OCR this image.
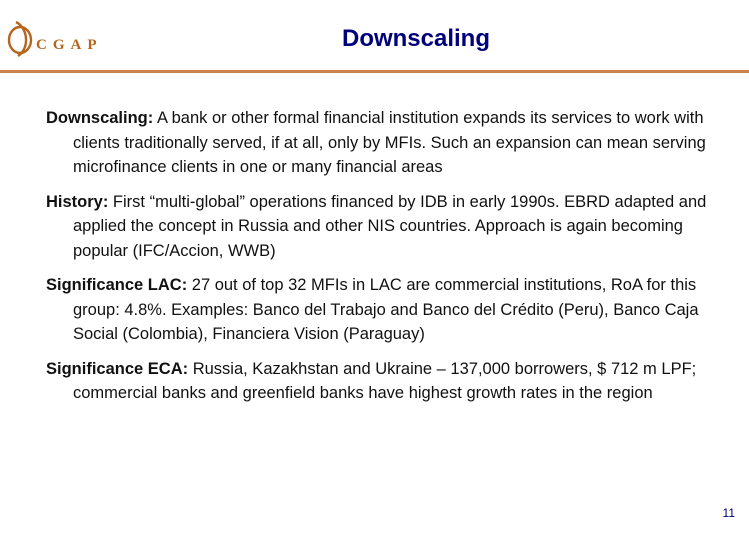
CGAP	Downscaling

Downscaling: A bank or other formal financial institution expands its services to work with clients traditionally served, if at all, only by MFIs. Such an expansion can mean serving microfinance clients in one or many financial areas

History: First “multi-global” operations financed by IDB in early 1990s. EBRD adapted and applied the concept in Russia and other NIS countries. Approach is again becoming popular (IFC/Accion, WWB)

Significance LAC: 27 out of top 32 MFIs in LAC are commercial institutions, RoA for this group: 4.8%. Examples: Banco del Trabajo and Banco del Crédito (Peru), Banco Caja Social (Colombia), Financiera Vision (Paraguay)

Significance ECA: Russia, Kazakhstan and Ukraine – 137,000 borrowers, $ 712 m LPF; commercial banks and greenfield banks have highest growth rates in the region

11
